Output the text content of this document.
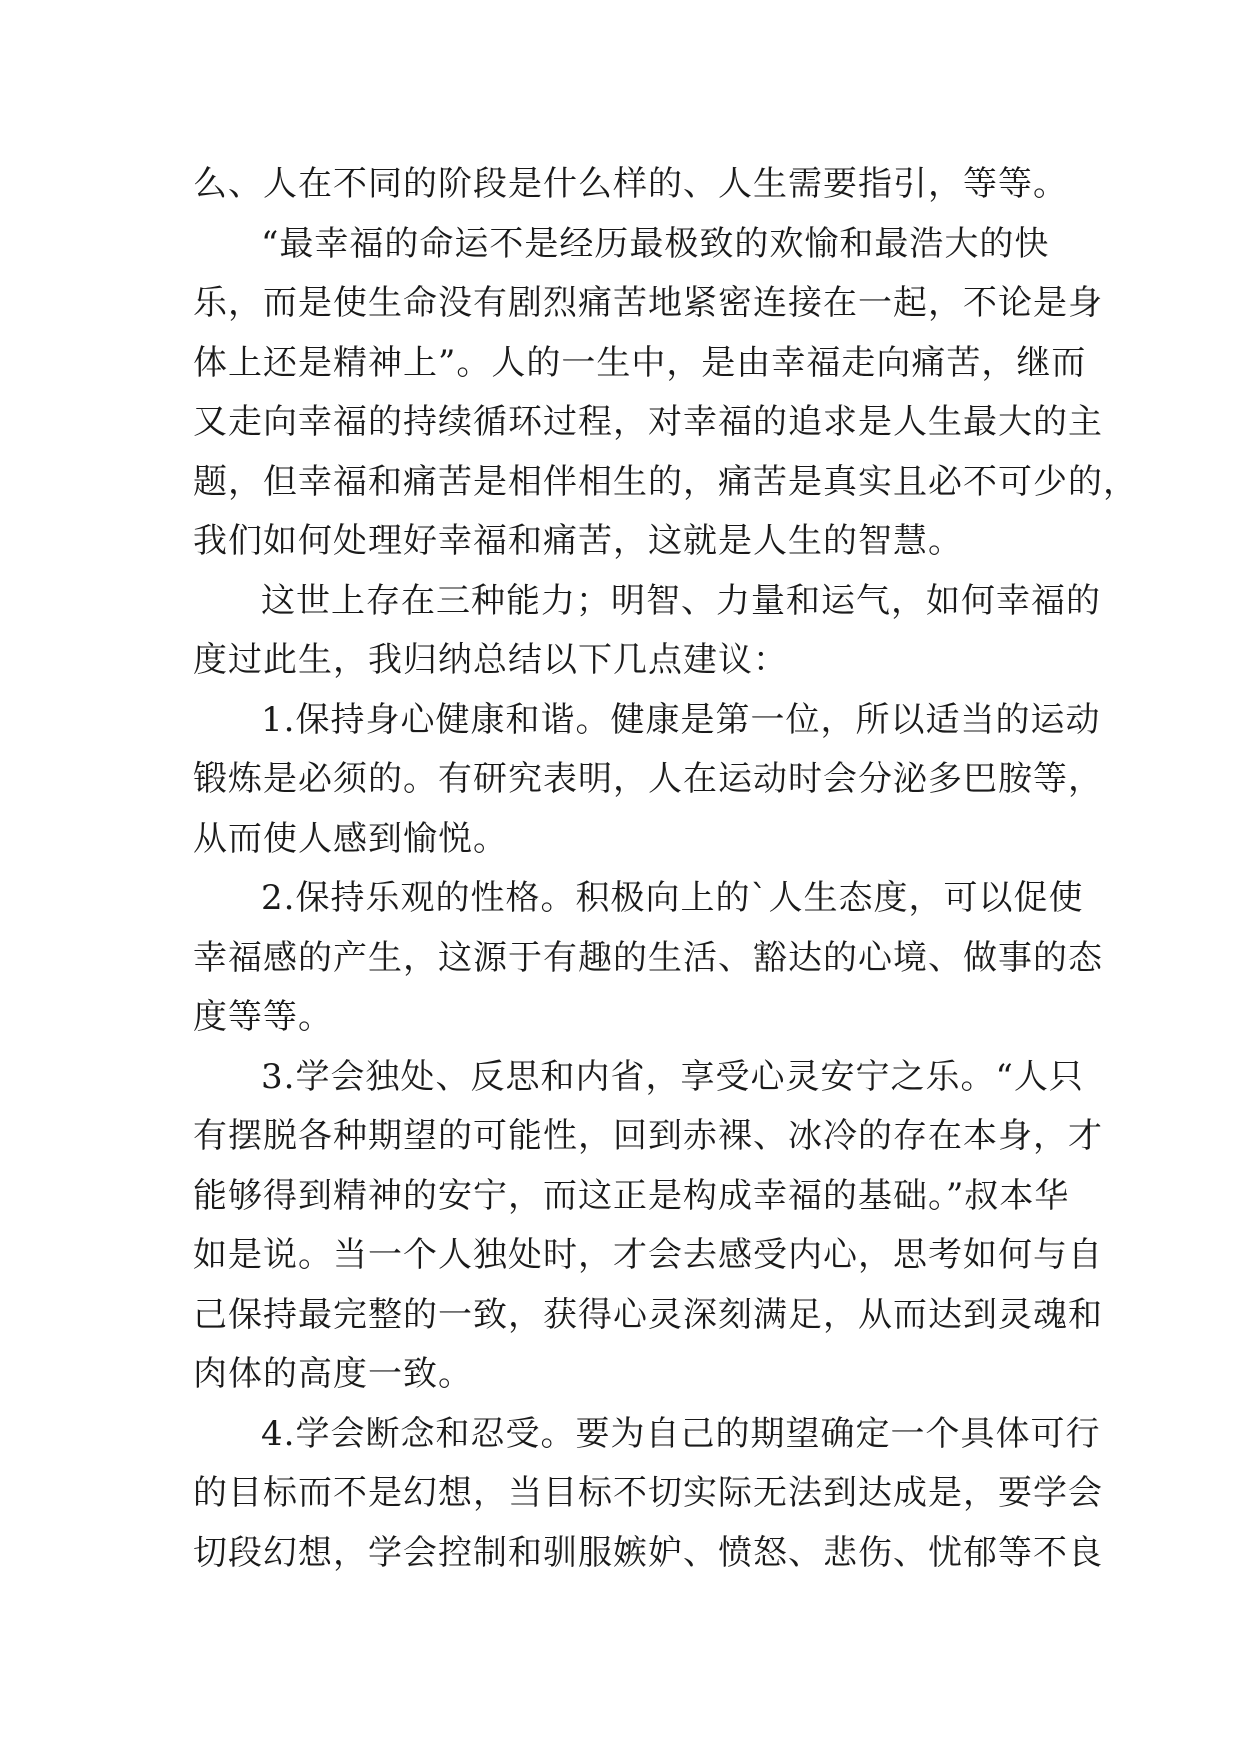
么、人在不同的阶段是什么样的、人生需要指引，等等。
“最幸福的命运不是经历最极致的欢愉和最浩大的快
乐，而是使生命没有剧烈痛苦地紧密连接在一起，不论是身
体上还是精神上”。人的一生中，是由幸福走向痛苦，继而
又走向幸福的持续循环过程，对幸福的追求是人生最大的主
题，但幸福和痛苦是相伴相生的，痛苦是真实且必不可少的，
我们如何处理好幸福和痛苦，这就是人生的智慧。
这世上存在三种能力；明智、力量和运气，如何幸福的
度过此生，我归纳总结以下几点建议：
1.保持身心健康和谐。健康是第一位，所以适当的运动
锻炼是必须的。有研究表明，人在运动时会分泌多巴胺等，
从而使人感到愉悦。
2.保持乐观的性格。积极向上的`人生态度，可以促使
幸福感的产生，这源于有趣的生活、豁达的心境、做事的态
度等等。
3.学会独处、反思和内省，享受心灵安宁之乐。“人只
有摆脱各种期望的可能性，回到赤裸、冰冷的存在本身，才
能够得到精神的安宁，而这正是构成幸福的基础。”叔本华
如是说。当一个人独处时，才会去感受内心，思考如何与自
己保持最完整的一致，获得心灵深刻满足，从而达到灵魂和
肉体的高度一致。
4.学会断念和忍受。要为自己的期望确定一个具体可行
的目标而不是幻想，当目标不切实际无法到达成是，要学会
切段幻想，学会控制和驯服嫉妒、愤怒、悲伤、忧郁等不良
